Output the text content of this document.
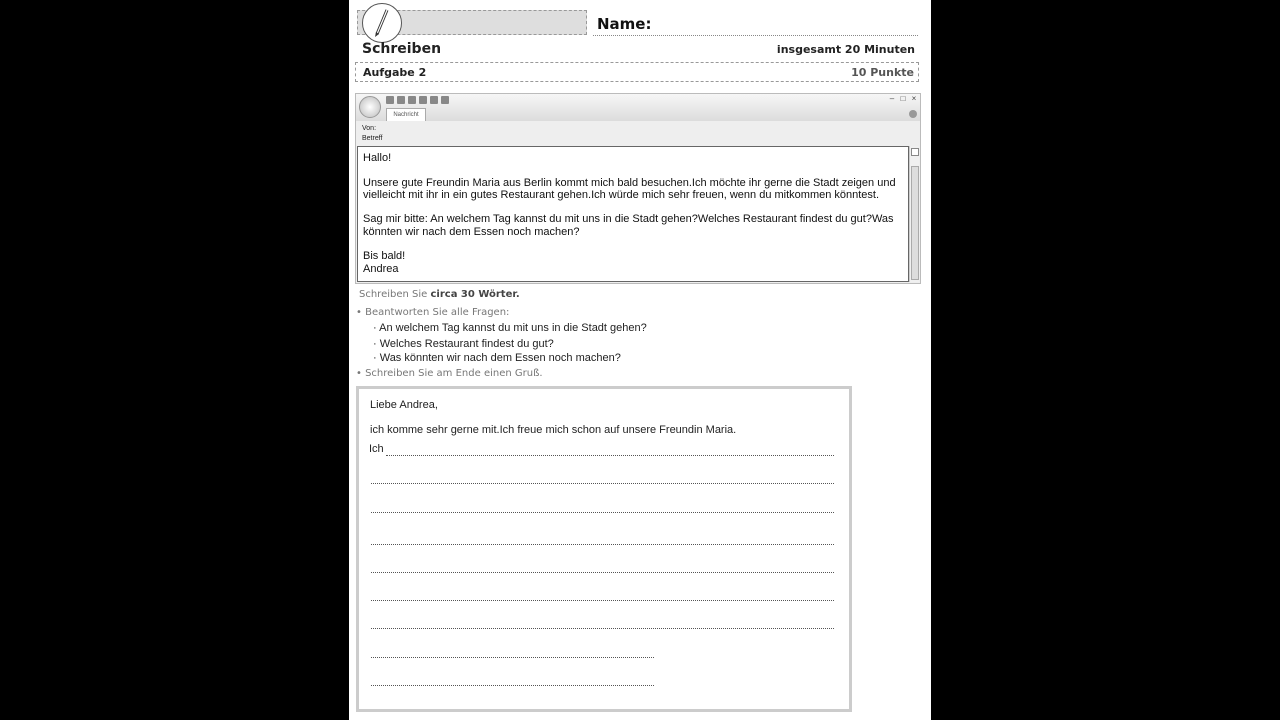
Name:
Schreiben	insgesamt 20 Minuten
Aufgabe 2	10 Punkte
– □ ×
Nachricht
Von:
Betreff
Hallo!
Unsere gute Freundin Maria aus Berlin kommt mich bald besuchen.Ich möchte ihr gerne die Stadt zeigen und
vielleicht mit ihr in ein gutes Restaurant gehen.Ich würde mich sehr freuen, wenn du mitkommen könntest.
Sag mir bitte: An welchem Tag kannst du mit uns in die Stadt gehen?Welches Restaurant findest du gut?Was
könnten wir nach dem Essen noch machen?
Bis bald!
Andrea
Schreiben Sie circa 30 Wörter.
• Beantworten Sie alle Fragen:
· An welchem Tag kannst du mit uns in die Stadt gehen?
· Welches Restaurant findest du gut?
· Was könnten wir nach dem Essen noch machen?
• Schreiben Sie am Ende einen Gruß.
Liebe Andrea,
ich komme sehr gerne mit.Ich freue mich schon auf unsere Freundin Maria.
Ich
